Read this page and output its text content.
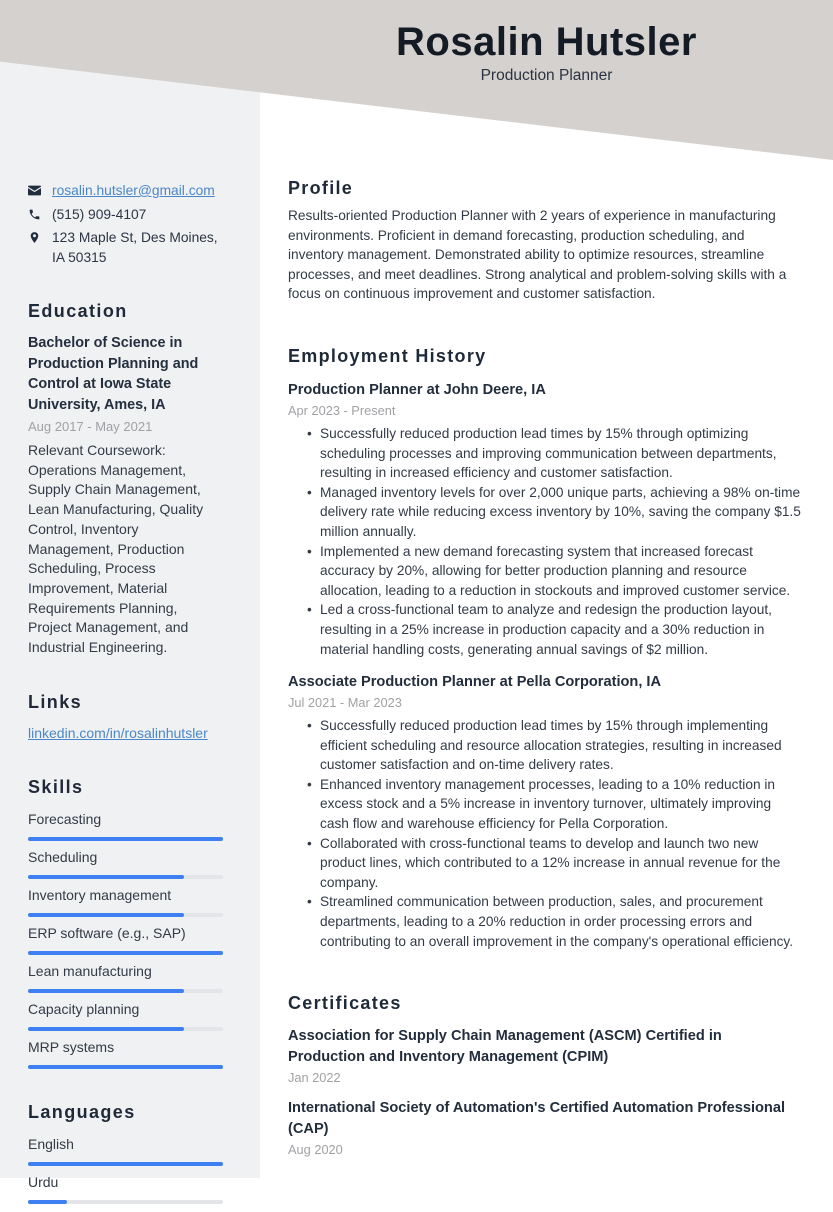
Rosalin Hutsler
Production Planner
rosalin.hutsler@gmail.com
(515) 909-4107
123 Maple St, Des Moines, IA 50315
Education
Bachelor of Science in Production Planning and Control at Iowa State University, Ames, IA
Aug 2017 - May 2021
Relevant Coursework: Operations Management, Supply Chain Management, Lean Manufacturing, Quality Control, Inventory Management, Production Scheduling, Process Improvement, Material Requirements Planning, Project Management, and Industrial Engineering.
Links
linkedin.com/in/rosalinhutsler
Skills
Forecasting
Scheduling
Inventory management
ERP software (e.g., SAP)
Lean manufacturing
Capacity planning
MRP systems
Languages
English
Urdu
Profile
Results-oriented Production Planner with 2 years of experience in manufacturing environments. Proficient in demand forecasting, production scheduling, and inventory management. Demonstrated ability to optimize resources, streamline processes, and meet deadlines. Strong analytical and problem-solving skills with a focus on continuous improvement and customer satisfaction.
Employment History
Production Planner at John Deere, IA
Apr 2023 - Present
• Successfully reduced production lead times by 15% through optimizing scheduling processes and improving communication between departments, resulting in increased efficiency and customer satisfaction.
• Managed inventory levels for over 2,000 unique parts, achieving a 98% on-time delivery rate while reducing excess inventory by 10%, saving the company $1.5 million annually.
• Implemented a new demand forecasting system that increased forecast accuracy by 20%, allowing for better production planning and resource allocation, leading to a reduction in stockouts and improved customer service.
• Led a cross-functional team to analyze and redesign the production layout, resulting in a 25% increase in production capacity and a 30% reduction in material handling costs, generating annual savings of $2 million.
Associate Production Planner at Pella Corporation, IA
Jul 2021 - Mar 2023
• Successfully reduced production lead times by 15% through implementing efficient scheduling and resource allocation strategies, resulting in increased customer satisfaction and on-time delivery rates.
• Enhanced inventory management processes, leading to a 10% reduction in excess stock and a 5% increase in inventory turnover, ultimately improving cash flow and warehouse efficiency for Pella Corporation.
• Collaborated with cross-functional teams to develop and launch two new product lines, which contributed to a 12% increase in annual revenue for the company.
• Streamlined communication between production, sales, and procurement departments, leading to a 20% reduction in order processing errors and contributing to an overall improvement in the company's operational efficiency.
Certificates
Association for Supply Chain Management (ASCM) Certified in Production and Inventory Management (CPIM)
Jan 2022
International Society of Automation's Certified Automation Professional (CAP)
Aug 2020
